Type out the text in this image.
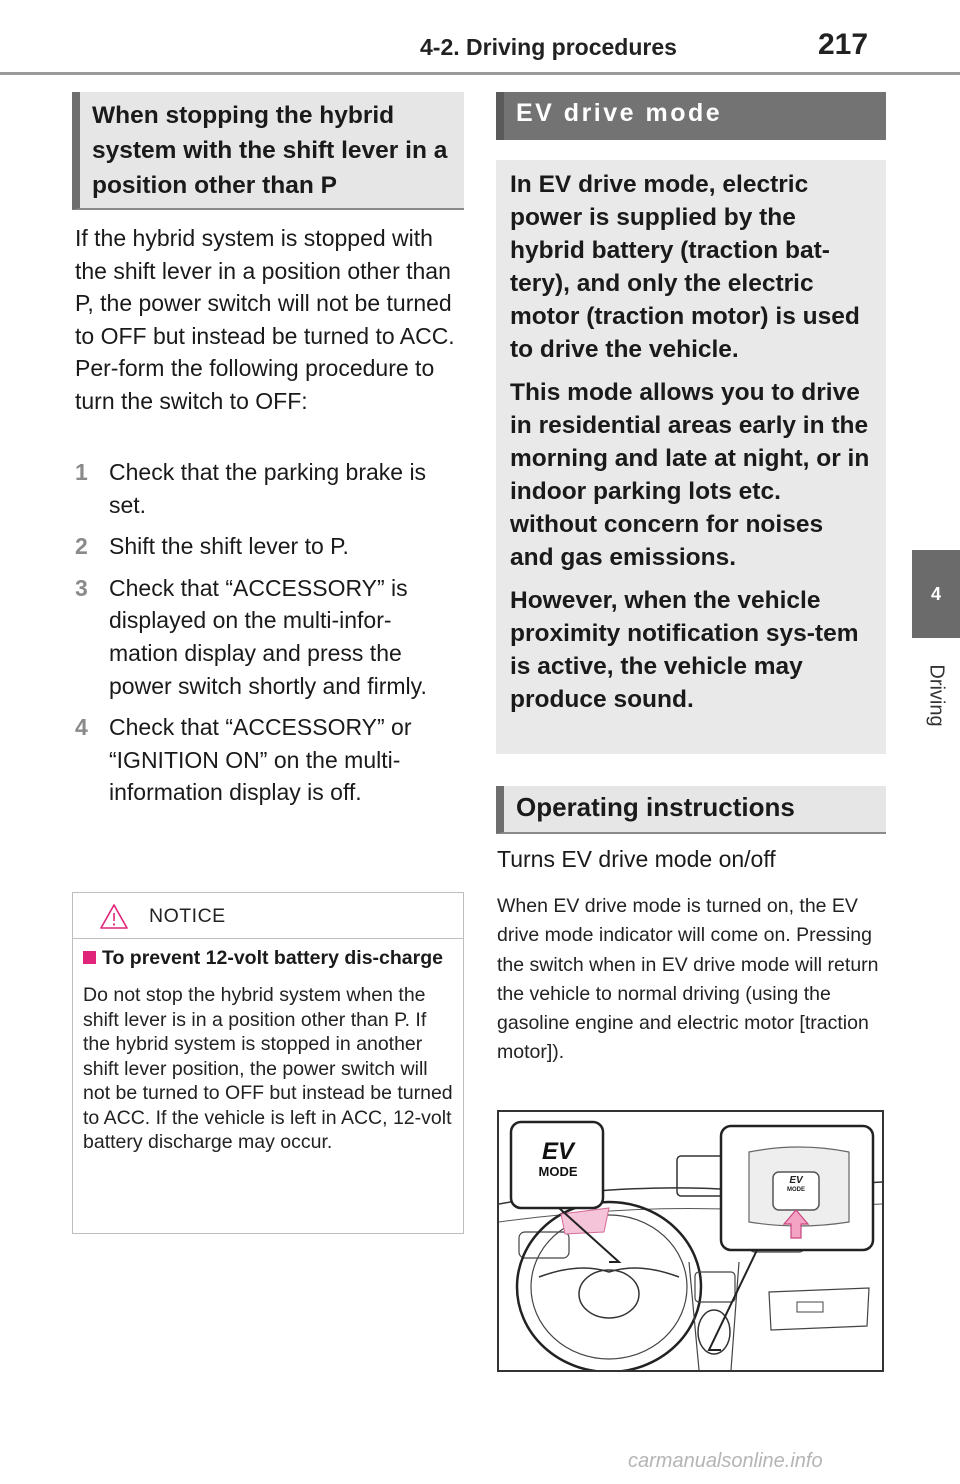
4-2. Driving procedures	217
4
Driving
When stopping the hybrid system with the shift lever in a position other than P
If the hybrid system is stopped with the shift lever in a position other than P, the power switch will not be turned to OFF but instead be turned to ACC. Per-form the following procedure to turn the switch to OFF:
1 Check that the parking brake is set.
2 Shift the shift lever to P.
3 Check that “ACCESSORY” is displayed on the multi-infor-mation display and press the power switch shortly and firmly.
4 Check that “ACCESSORY” or “IGNITION ON” on the multi-information display is off.
NOTICE
To prevent 12-volt battery dis-charge
Do not stop the hybrid system when the shift lever is in a position other than P. If the hybrid system is stopped in another shift lever position, the power switch will not be turned to OFF but instead be turned to ACC. If the vehicle is left in ACC, 12-volt battery discharge may occur.
EV drive mode

In EV drive mode, electric power is supplied by the hybrid battery (traction bat-tery), and only the electric motor (traction motor) is used to drive the vehicle.

This mode allows you to drive in residential areas early in the morning and late at night, or in indoor parking lots etc. without concern for noises and gas emissions.

However, when the vehicle proximity notification sys-tem is active, the vehicle may produce sound.

Operating instructions
Turns EV drive mode on/off
When EV drive mode is turned on, the EV drive mode indicator will come on. Pressing the switch when in EV drive mode will return the vehicle to normal driving (using the gasoline engine and electric motor [traction motor]).
EV
MODE
EV
MODE
carmanualsonline.info
